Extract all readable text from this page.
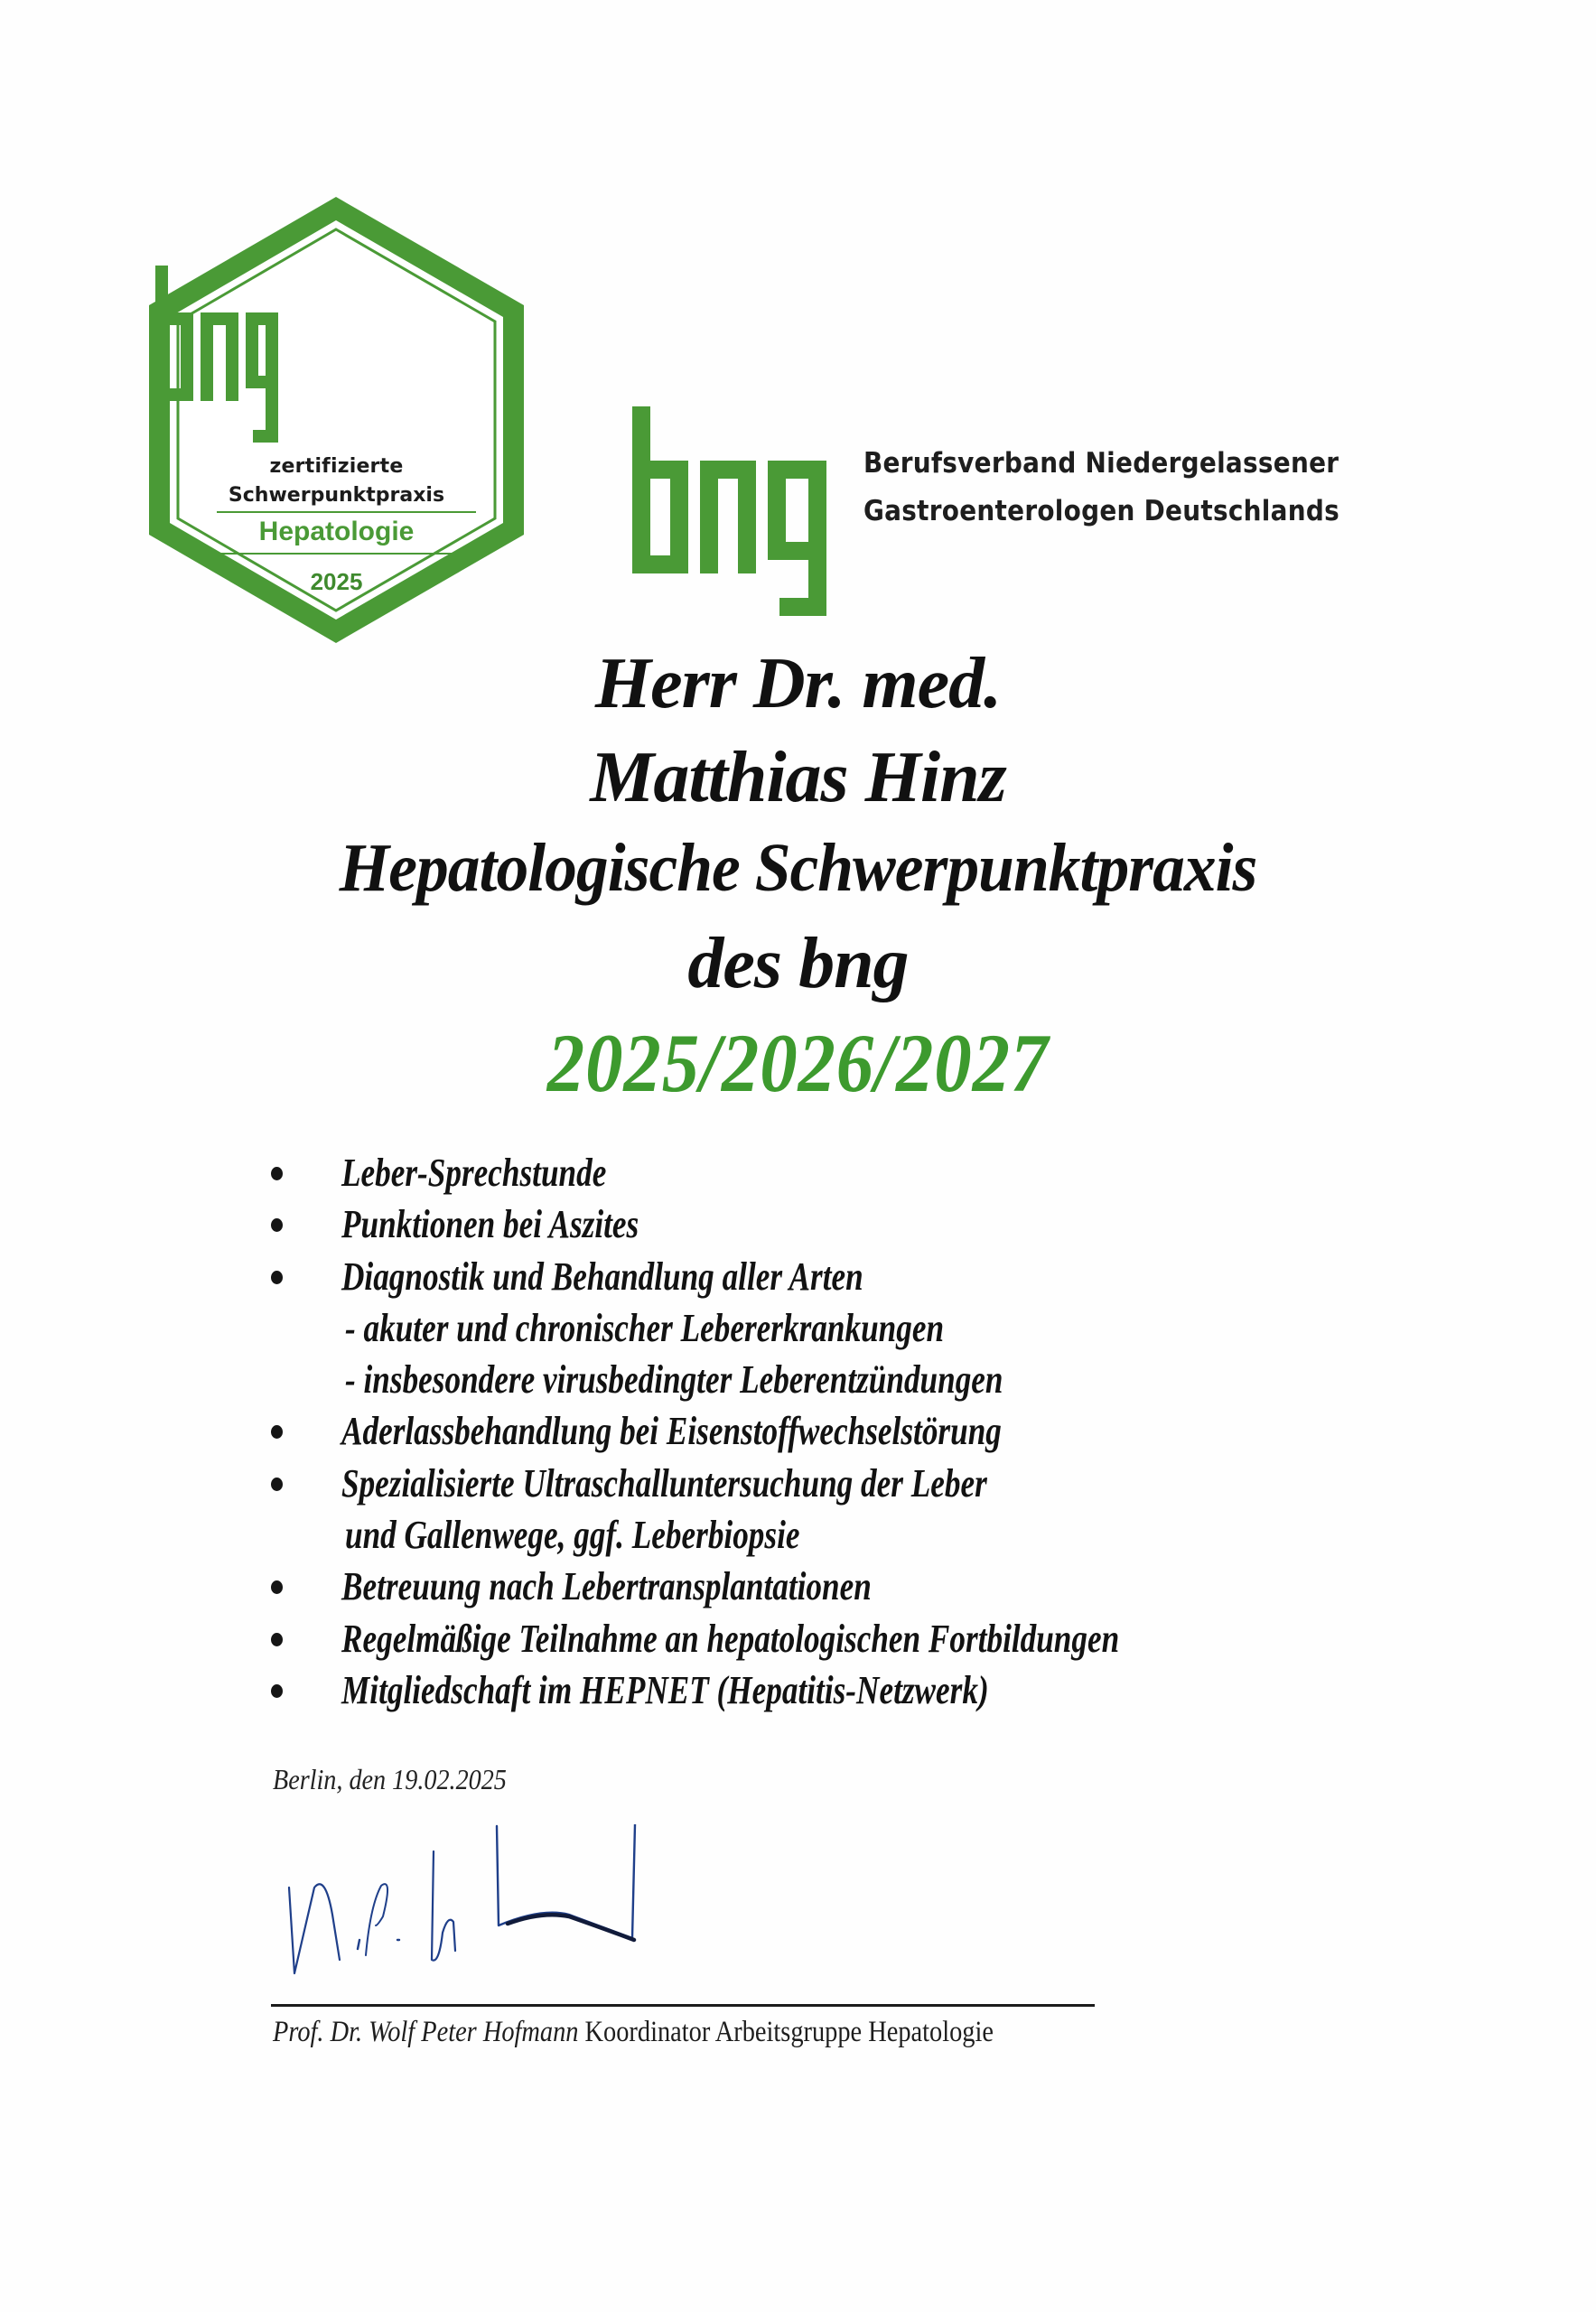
zertifizierte
Schwerpunktpraxis
Hepatologie
2025
Berufsverband Niedergelassener
Gastroenterologen Deutschlands
Herr Dr. med.
Matthias Hinz
Hepatologische Schwerpunktpraxis
des bng
2025/2026/2027
Leber-Sprechstunde
Punktionen bei Aszites
Diagnostik und Behandlung aller Arten
- akuter und chronischer Lebererkrankungen
- insbesondere virusbedingter Leberentzündungen
Aderlassbehandlung bei Eisenstoffwechselstörung
Spezialisierte Ultraschalluntersuchung der Leber
und Gallenwege, ggf. Leberbiopsie
Betreuung nach Lebertransplantationen
Regelmäßige Teilnahme an hepatologischen Fortbildungen
Mitgliedschaft im HEPNET (Hepatitis-Netzwerk)
Berlin, den 19.02.2025
Prof. Dr. Wolf Peter Hofmann Koordinator Arbeitsgruppe Hepatologie
